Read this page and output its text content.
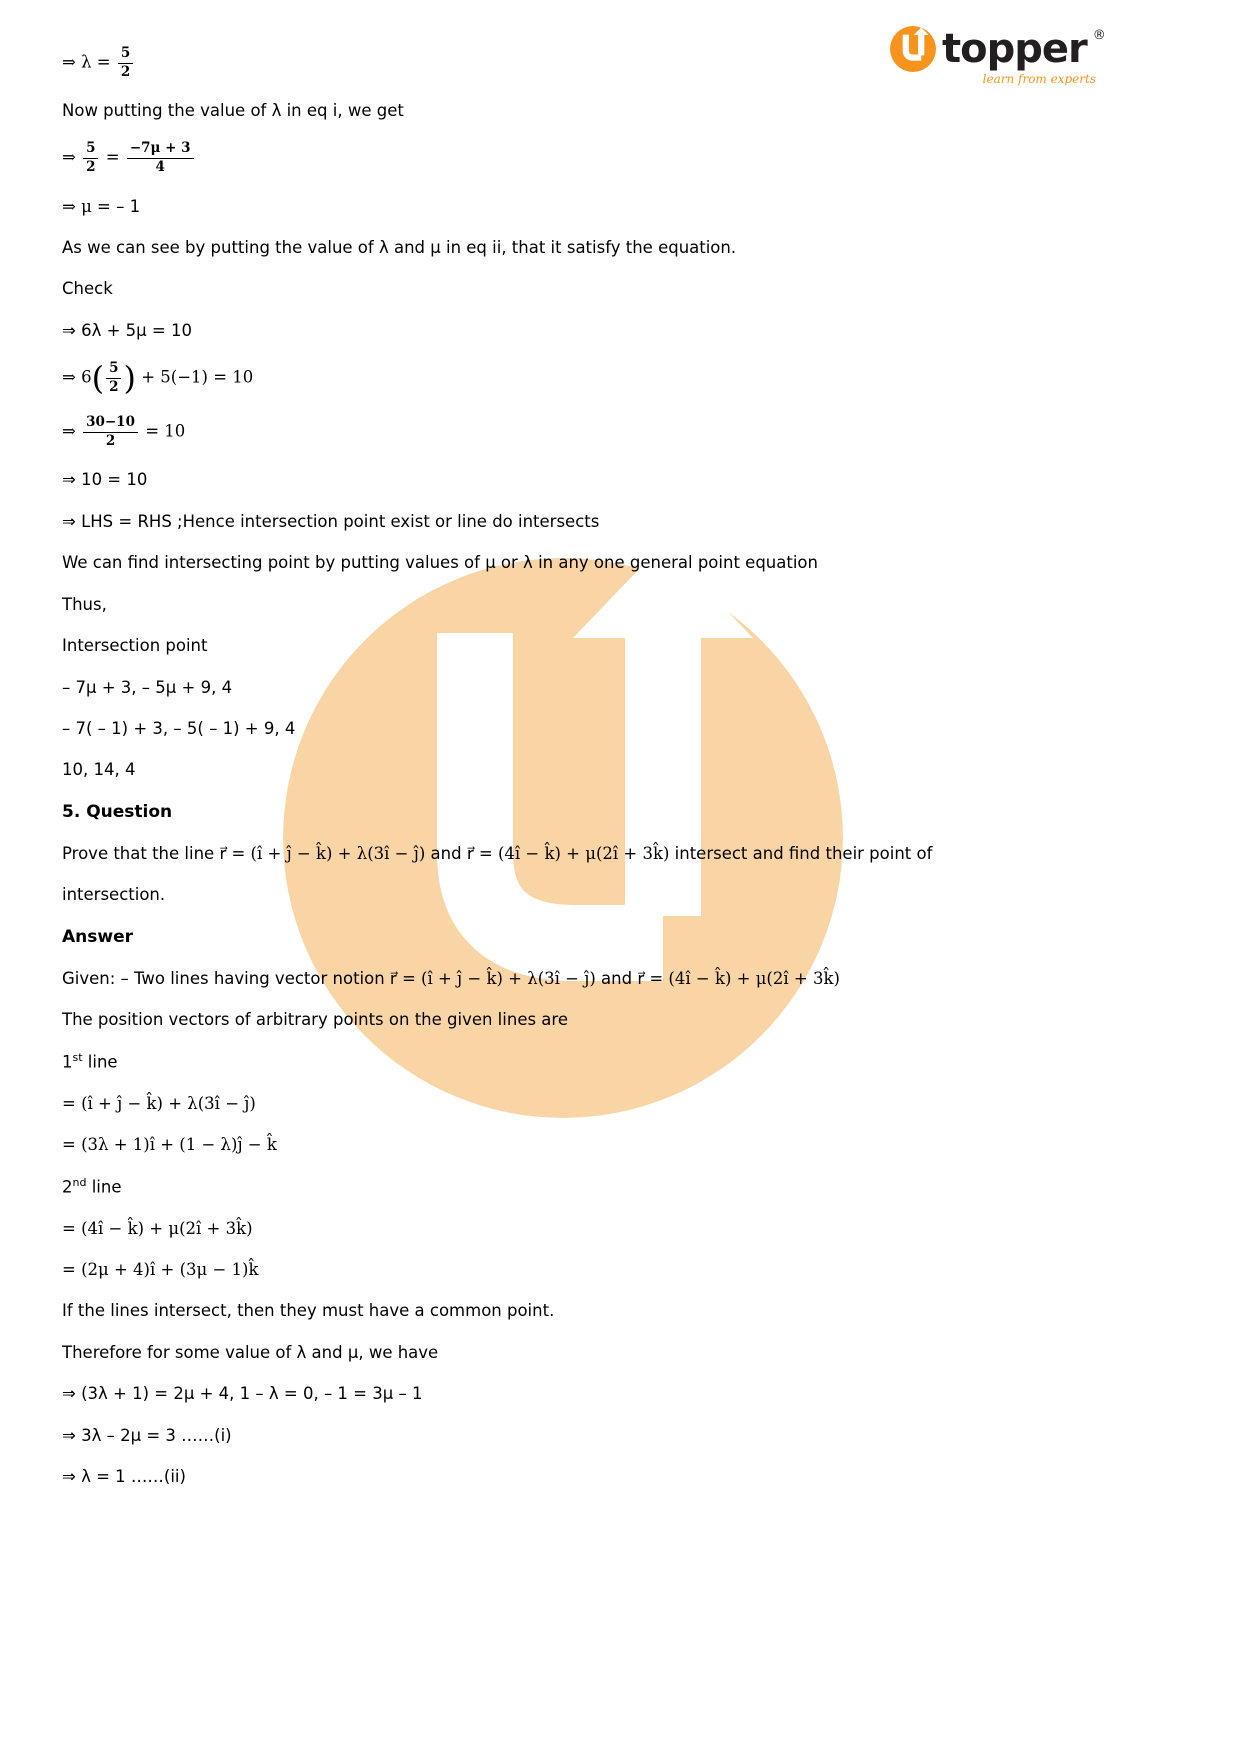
topper ®
learn from experts

⇒ $\lambda = \frac{5}{2}$

Now putting the value of λ in eq i, we get

⇒ $\frac{5}{2} = \frac{-7\mu + 3}{4}$

⇒ μ = – 1

As we can see by putting the value of λ and μ in eq ii, that it satisfy the equation.

Check

⇒ 6λ + 5μ = 10

⇒ $6( \frac{5}{2}$ ) + 5(−1) = 10

⇒ $\frac{30-10}{2} = 10$

⇒ 10 = 10

⇒ LHS = RHS ;Hence intersection point exist or line do intersects

We can find intersecting point by putting values of μ or λ in any one general point equation

Thus,

Intersection point

– 7μ + 3, – 5μ + 9, 4

– 7( – 1) + 3, – 5( – 1) + 9, 4

10, 14, 4

5. Question

Prove that the line r⃗ = (î + ĵ − k̂) + λ(3î − ĵ) and r⃗ = (4î − k̂) + μ(2î + 3k̂) intersect and find their point of

intersection.

Answer

Given: – Two lines having vector notion r⃗ = (î + ĵ − k̂) + λ(3î − ĵ) and r⃗ = (4î − k̂) + μ(2î + 3k̂)

The position vectors of arbitrary points on the given lines are

1st line

= (î + ĵ − k̂) + λ(3î − ĵ)

= (3λ + 1)î + (1 − λ)ĵ − k̂

2nd line

= (4î − k̂) + μ(2î + 3k̂)

= (2μ + 4)î + (3μ − 1)k̂

If the lines intersect, then they must have a common point.

Therefore for some value of λ and μ, we have

⇒ (3λ + 1) = 2μ + 4, 1 – λ = 0, – 1 = 3μ – 1

⇒ 3λ – 2μ = 3 ……(i)

⇒ λ = 1 ……(ii)
